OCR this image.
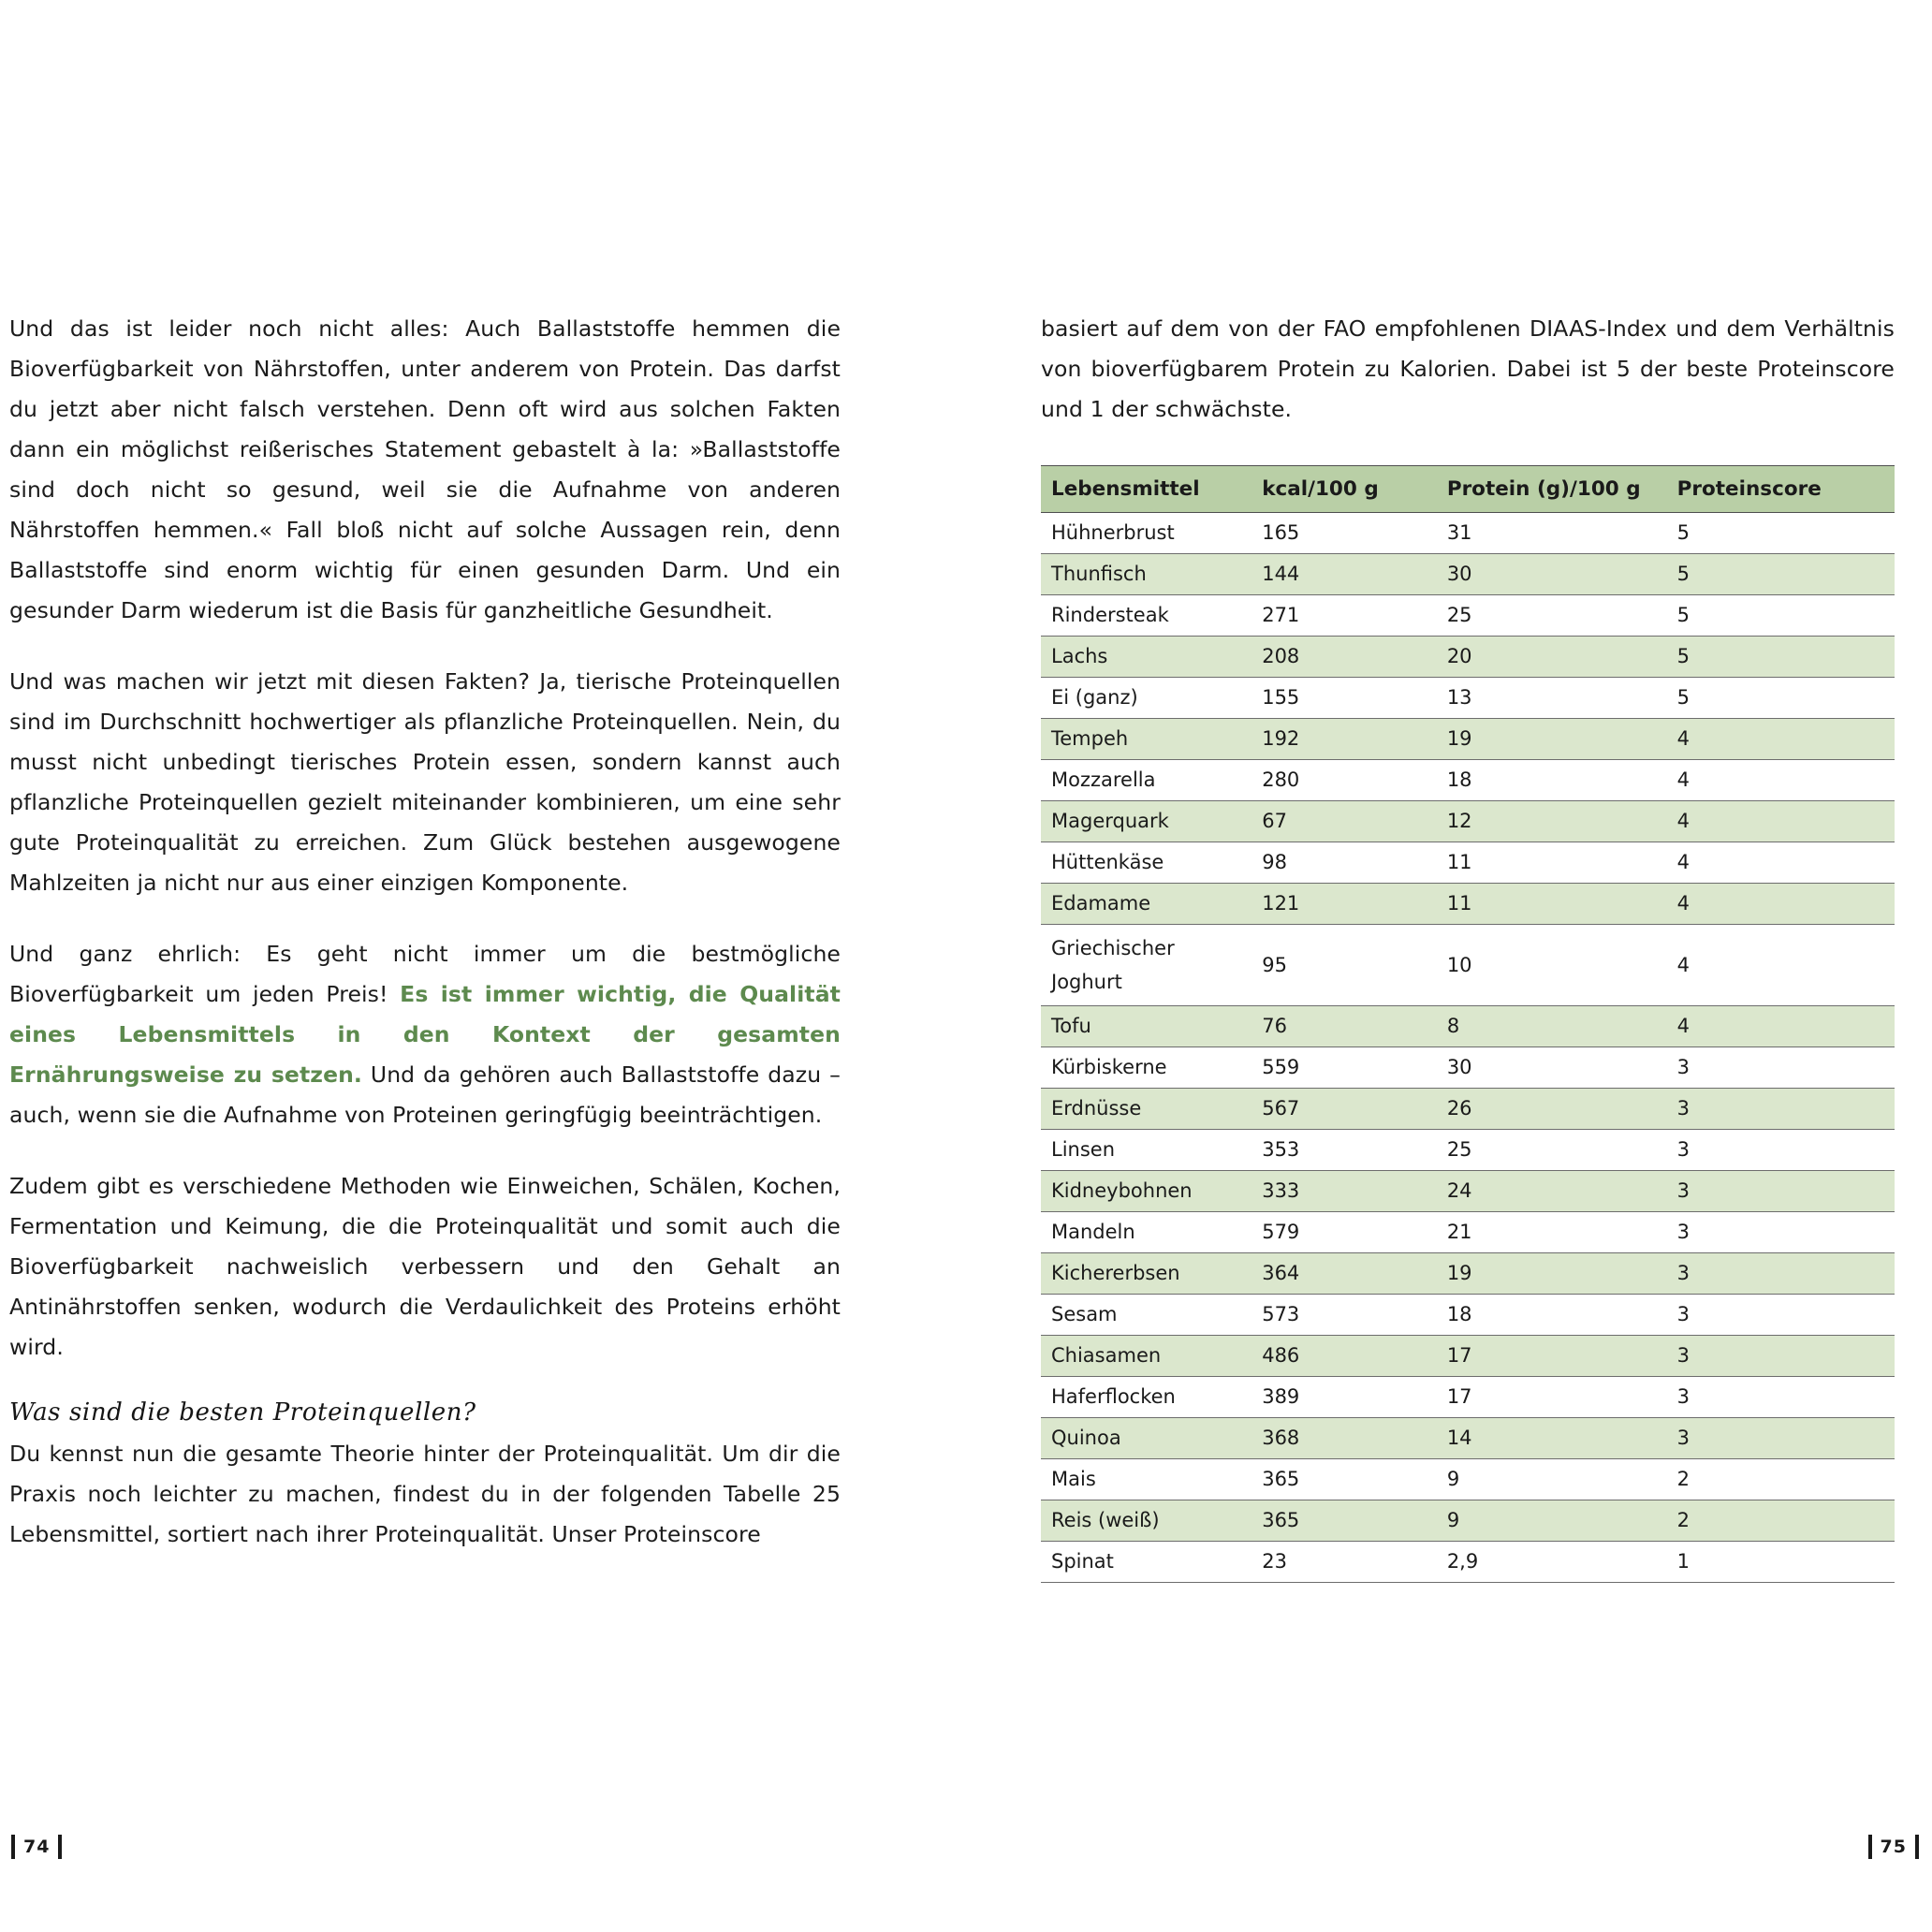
Und das ist leider noch nicht alles: Auch Ballaststoffe hemmen die Bioverfügbarkeit von Nährstoffen, unter anderem von Protein. Das darfst du jetzt aber nicht falsch verstehen. Denn oft wird aus solchen Fakten dann ein möglichst reißerisches Statement gebastelt à la: »Ballaststoffe sind doch nicht so gesund, weil sie die Aufnahme von anderen Nährstoffen hemmen.« Fall bloß nicht auf solche Aussagen rein, denn Ballaststoffe sind enorm wichtig für einen gesunden Darm. Und ein gesunder Darm wiederum ist die Basis für ganzheitliche Gesundheit.

Und was machen wir jetzt mit diesen Fakten? Ja, tierische Proteinquellen sind im Durchschnitt hochwertiger als pflanzliche Proteinquellen. Nein, du musst nicht unbedingt tierisches Protein essen, sondern kannst auch pflanzliche Proteinquellen gezielt miteinander kombinieren, um eine sehr gute Proteinqualität zu erreichen. Zum Glück bestehen ausgewogene Mahlzeiten ja nicht nur aus einer einzigen Komponente.

Und ganz ehrlich: Es geht nicht immer um die bestmögliche Bioverfügbarkeit um jeden Preis! Es ist immer wichtig, die Qualität eines Lebensmittels in den Kontext der gesamten Ernährungsweise zu setzen. Und da gehören auch Ballaststoffe dazu – auch, wenn sie die Aufnahme von Proteinen geringfügig beeinträchtigen.

Zudem gibt es verschiedene Methoden wie Einweichen, Schälen, Kochen, Fermentation und Keimung, die die Proteinqualität und somit auch die Bioverfügbarkeit nachweislich verbessern und den Gehalt an Antinährstoffen senken, wodurch die Verdaulichkeit des Proteins erhöht wird.

Was sind die besten Proteinquellen?

Du kennst nun die gesamte Theorie hinter der Proteinqualität. Um dir die Praxis noch leichter zu machen, findest du in der folgenden Tabelle 25 Lebensmittel, sortiert nach ihrer Proteinqualität. Unser Proteinscore

74

basiert auf dem von der FAO empfohlenen DIAAS-Index und dem Verhältnis von bioverfügbarem Protein zu Kalorien. Dabei ist 5 der beste Proteinscore und 1 der schwächste.

Lebensmittel	kcal/100 g	Protein (g)/100 g	Proteinscore
Hühnerbrust	165	31	5
Thunfisch	144	30	5
Rindersteak	271	25	5
Lachs	208	20	5
Ei (ganz)	155	13	5
Tempeh	192	19	4
Mozzarella	280	18	4
Magerquark	67	12	4
Hüttenkäse	98	11	4
Edamame	121	11	4

Griechischer
Joghurt	95	10	4
Tofu	76	8	4
Kürbiskerne	559	30	3
Erdnüsse	567	26	3
Linsen	353	25	3
Kidneybohnen	333	24	3
Mandeln	579	21	3
Kichererbsen	364	19	3
Sesam	573	18	3
Chiasamen	486	17	3
Haferflocken	389	17	3
Quinoa	368	14	3
Mais	365	9	2
Reis (weiß)	365	9	2
Spinat	23	2,9	1
75
